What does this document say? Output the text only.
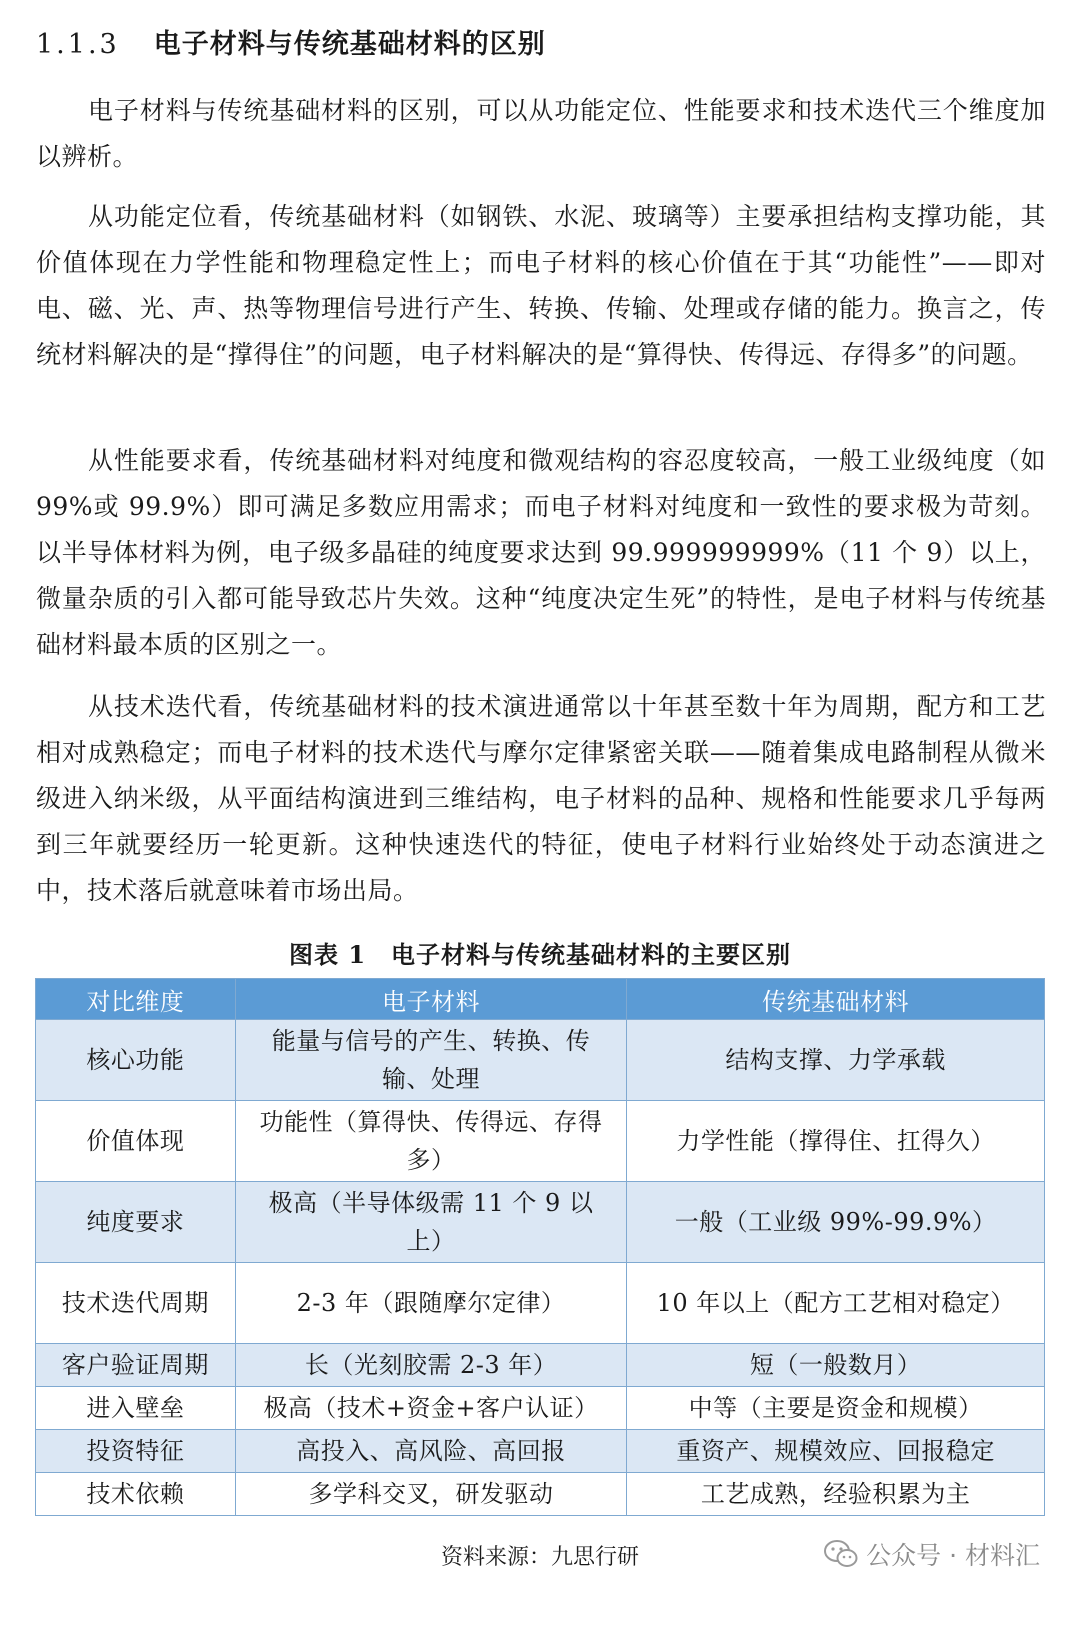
1.1.3 电子材料与传统基础材料的区别

电子材料与传统基础材料的区别，可以从功能定位、性能要求和技术迭代三个维度加以辨析。

从功能定位看，传统基础材料（如钢铁、水泥、玻璃等）主要承担结构支撑功能，其价值体现在力学性能和物理稳定性上；而电子材料的核心价值在于其“功能性”——即对电、磁、光、声、热等物理信号进行产生、转换、传输、处理或存储的能力。换言之，传统材料解决的是“撑得住”的问题，电子材料解决的是“算得快、传得远、存得多”的问题。

从性能要求看，传统基础材料对纯度和微观结构的容忍度较高，一般工业级纯度（如 99%或 99.9%）即可满足多数应用需求；而电子材料对纯度和一致性的要求极为苛刻。以半导体材料为例，电子级多晶硅的纯度要求达到 99.999999999%（11 个 9）以上，微量杂质的引入都可能导致芯片失效。这种“纯度决定生死”的特性，是电子材料与传统基础材料最本质的区别之一。

从技术迭代看，传统基础材料的技术演进通常以十年甚至数十年为周期，配方和工艺相对成熟稳定；而电子材料的技术迭代与摩尔定律紧密关联——随着集成电路制程从微米级进入纳米级，从平面结构演进到三维结构，电子材料的品种、规格和性能要求几乎每两到三年就要经历一轮更新。这种快速迭代的特征，使电子材料行业始终处于动态演进之中，技术落后就意味着市场出局。

图表 1　电子材料与传统基础材料的主要区别
对比维度	电子材料	传统基础材料
核心功能	能量与信号的产生、转换、传输、处理	结构支撑、力学承载
价值体现	功能性（算得快、传得远、存得多）	力学性能（撑得住、扛得久）
纯度要求	极高（半导体级需 11 个 9 以上）	一般（工业级 99%-99.9%）
技术迭代周期	2-3 年（跟随摩尔定律）	10 年以上（配方工艺相对稳定）
客户验证周期	长（光刻胶需 2-3 年）	短（一般数月）
进入壁垒	极高（技术+资金+客户认证）	中等（主要是资金和规模）
投资特征	高投入、高风险、高回报	重资产、规模效应、回报稳定
技术依赖	多学科交叉，研发驱动	工艺成熟，经验积累为主
资料来源：九思行研	公众号 · 材料汇
